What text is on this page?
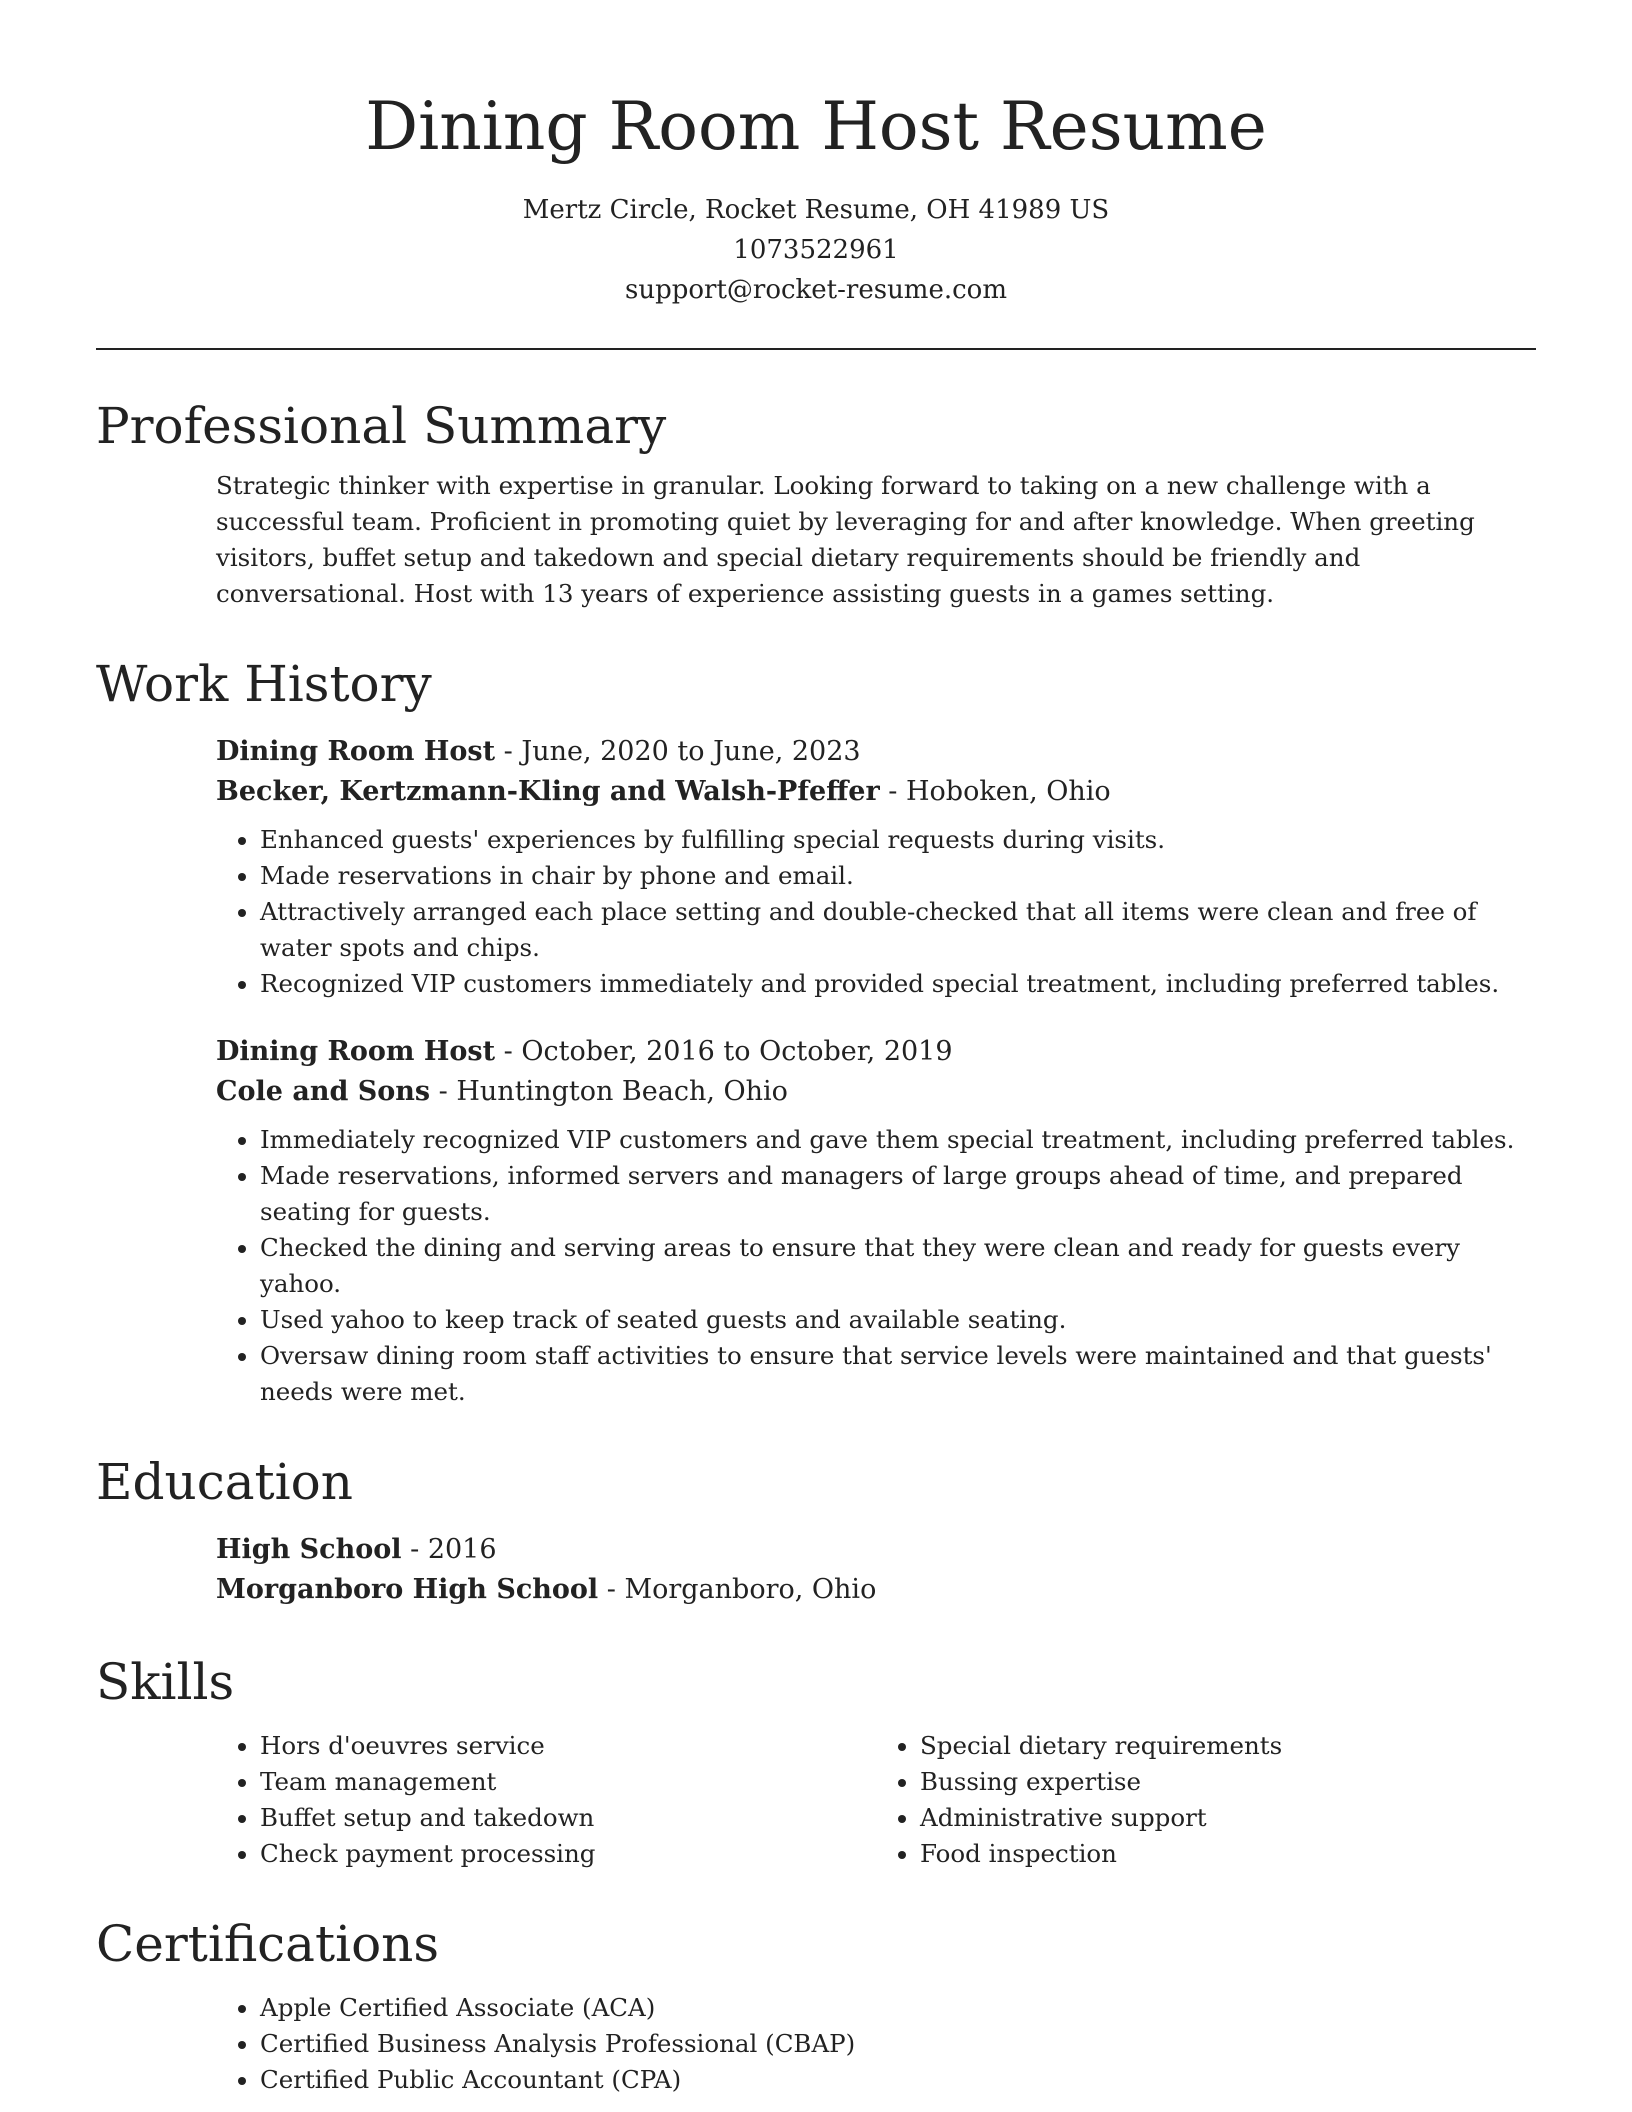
Dining Room Host Resume
Mertz Circle, Rocket Resume, OH 41989 US
1073522961
support@rocket-resume.com
Professional Summary
Strategic thinker with expertise in granular. Looking forward to taking on a new challenge with a successful team. Proficient in promoting quiet by leveraging for and after knowledge. When greeting visitors, buffet setup and takedown and special dietary requirements should be friendly and conversational. Host with 13 years of experience assisting guests in a games setting.
Work History
Dining Room Host - June, 2020 to June, 2023
Becker, Kertzmann-Kling and Walsh-Pfeffer - Hoboken, Ohio
• Enhanced guests' experiences by fulfilling special requests during visits.
• Made reservations in chair by phone and email.
• Attractively arranged each place setting and double-checked that all items were clean and free of water spots and chips.
• Recognized VIP customers immediately and provided special treatment, including preferred tables.
Dining Room Host - October, 2016 to October, 2019
Cole and Sons - Huntington Beach, Ohio
• Immediately recognized VIP customers and gave them special treatment, including preferred tables.
• Made reservations, informed servers and managers of large groups ahead of time, and prepared seating for guests.
• Checked the dining and serving areas to ensure that they were clean and ready for guests every yahoo.
• Used yahoo to keep track of seated guests and available seating.
• Oversaw dining room staff activities to ensure that service levels were maintained and that guests' needs were met.
Education
High School - 2016
Morganboro High School - Morganboro, Ohio
Skills
• Hors d'oeuvres service
• Team management
• Buffet setup and takedown
• Check payment processing
• Special dietary requirements
• Bussing expertise
• Administrative support
• Food inspection
Certifications
• Apple Certified Associate (ACA)
• Certified Business Analysis Professional (CBAP)
• Certified Public Accountant (CPA)
